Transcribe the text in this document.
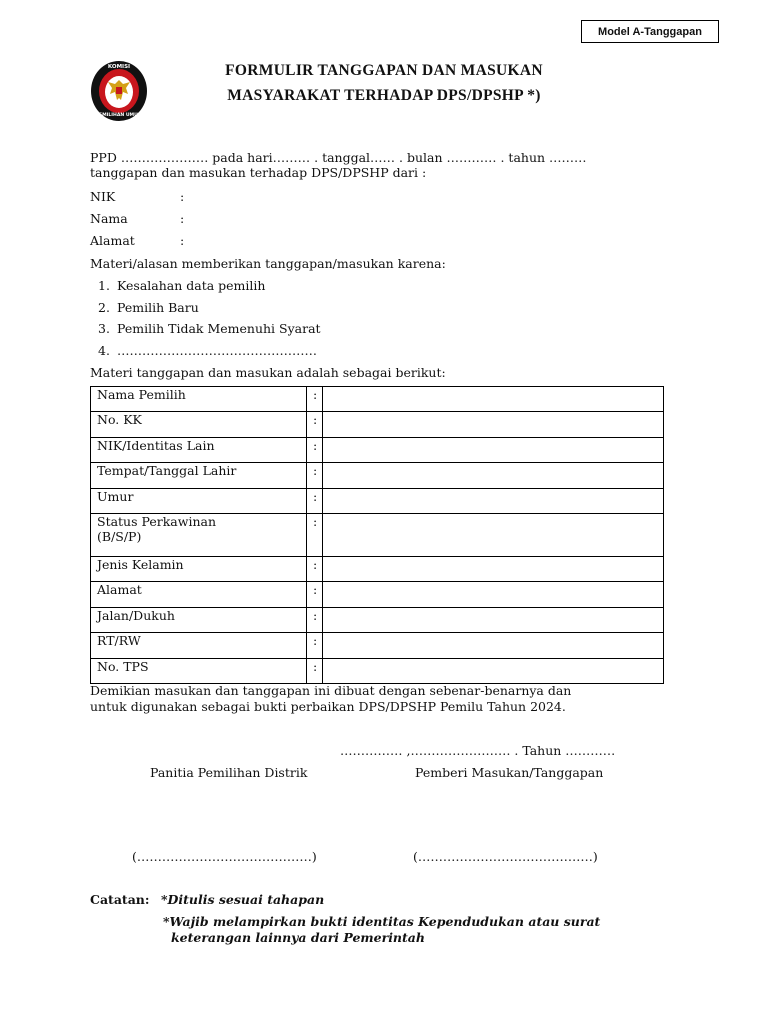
Model A-Tanggapan
KOMISI
PEMILIHAN UMUM
FORMULIR TANGGAPAN DAN MASUKAN
MASYARAKAT TERHADAP DPS/DPSHP *)
PPD ………………… pada hari……… . tanggal…… . bulan ………… . tahun ………
tanggapan dan masukan terhadap DPS/DPSHP dari :
NIK	:
Nama	:
Alamat	:
Materi/alasan memberikan tanggapan/masukan karena:
1. Kesalahan data pemilih
2. Pemilih Baru
3. Pemilih Tidak Memenuhi Syarat
4. …………………………………………
Materi tanggapan dan masukan adalah sebagai berikut:
Nama Pemilih	:	
No. KK	:	
NIK/Identitas Lain	:	
Tempat/Tanggal Lahir	:	
Umur	:	
Status Perkawinan (B/S/P)	:	
Jenis Kelamin	:	
Alamat	:	
Jalan/Dukuh	:	
RT/RW	:	
No. TPS	:	
Demikian masukan dan tanggapan ini dibuat dengan sebenar-benarnya dan
untuk digunakan sebagai bukti perbaikan DPS/DPSHP Pemilu Tahun 2024.
…………… ,…………………… . Tahun …………
Panitia Pemilihan Distrik	Pemberi Masukan/Tanggapan
(……………………………………)	(……………………………………)
Catatan: *Ditulis sesuai tahapan
*Wajib melampirkan bukti identitas Kependudukan atau surat
keterangan lainnya dari Pemerintah
